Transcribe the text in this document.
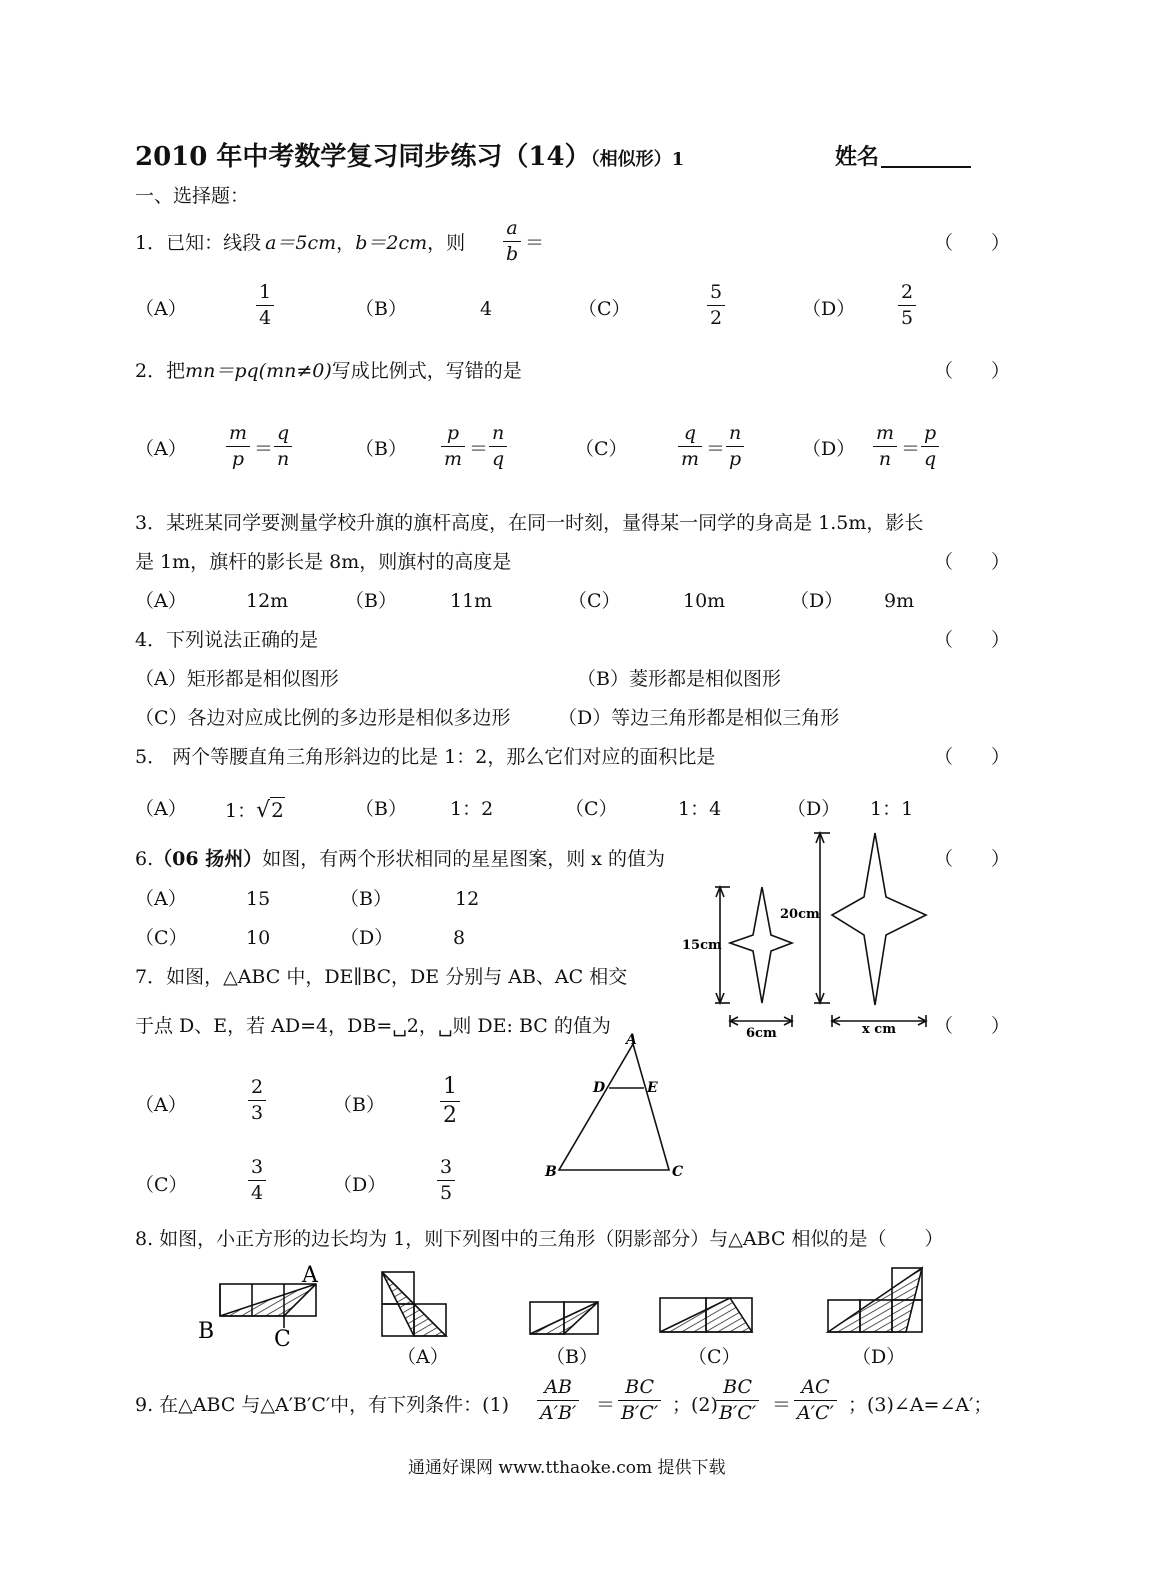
2010 年中考数学复习同步练习（14）（相似形）1	姓名
一、选择题：
1．已知：线段 a＝5cm，b＝2cm，则
a
b ＝	（　　）
（A）
1
4	（B）	4	（C）
5
2	（D）
2
5
2．把mn＝pq(mn≠0)写成比例式，写错的是	（　　）
（A）
m
p ＝
q
n	（B）
p
m ＝
n
q	（C）
q
m ＝
n
p	（D）
m
n ＝
p
q
3．某班某同学要测量学校升旗的旗杆高度，在同一时刻，量得某一同学的身高是 1.5m，影长
是 1m，旗杆的影长是 8m，则旗村的高度是	（　　）
（A）	12m	（B）	11m	（C）	10m	（D） 9m
4．下列说法正确的是	（　　）
（A）矩形都是相似图形	（B）菱形都是相似图形
（C）各边对应成比例的多边形是相似多边形 （D）等边三角形都是相似三角形
5． 两个等腰直角三角形斜边的比是 1：2，那么它们对应的面积比是	（　　）
（A） 1：√2	（B） 1：2	（C）	1：4	（D） 1：1
6.（06 扬州）如图，有两个形状相同的星星图案，则 x 的值为	（　　）
（A）	15	（B）	12
（C）	10	（D）	8	15cm
20cm
6cm	x cm
7．如图，△ABC 中，DE∥BC，DE 分别与 AB、AC 相交
于点 D、E，若 AD=4，DB=␣2，␣则 DE: BC 的值为	（　　）
（A）
2
3	（B）
1
2
（C）
3
4	（D）
3
5
A
D	E
B	C
8. 如图，小正方形的边长均为 1，则下列图中的三角形（阴影部分）与△ABC 相似的是（　　）
A
B	C
（A）	（B）	（C）	（D）
9. 在△ABC 与△A′B′C′中，有下列条件：(1)
AB
A′B′ ＝
BC
B′C′ ；(2)
BC
B′C′ ＝
AC
A′C′ ；(3)∠A=∠A′；
通通好课网 www.tthaoke.com 提供下载
